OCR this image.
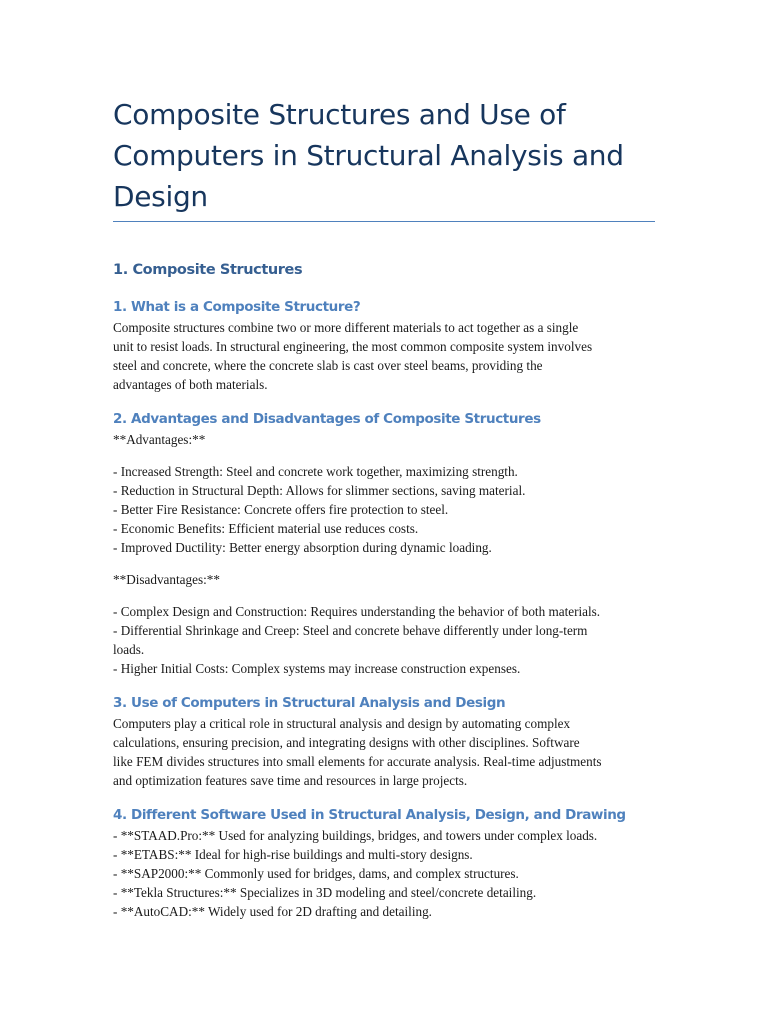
Composite Structures and Use of
Computers in Structural Analysis and
Design
1. Composite Structures
1. What is a Composite Structure?

Composite structures combine two or more different materials to act together as a single
unit to resist loads. In structural engineering, the most common composite system involves
steel and concrete, where the concrete slab is cast over steel beams, providing the
advantages of both materials.

2. Advantages and Disadvantages of Composite Structures

**Advantages:**

- Increased Strength: Steel and concrete work together, maximizing strength.
- Reduction in Structural Depth: Allows for slimmer sections, saving material.
- Better Fire Resistance: Concrete offers fire protection to steel.
- Economic Benefits: Efficient material use reduces costs.
- Improved Ductility: Better energy absorption during dynamic loading.

**Disadvantages:**

- Complex Design and Construction: Requires understanding the behavior of both materials.
- Differential Shrinkage and Creep: Steel and concrete behave differently under long-term
loads.
- Higher Initial Costs: Complex systems may increase construction expenses.
3. Use of Computers in Structural Analysis and Design

Computers play a critical role in structural analysis and design by automating complex
calculations, ensuring precision, and integrating designs with other disciplines. Software
like FEM divides structures into small elements for accurate analysis. Real-time adjustments
and optimization features save time and resources in large projects.

4. Different Software Used in Structural Analysis, Design, and Drawing
- **STAAD.Pro:** Used for analyzing buildings, bridges, and towers under complex loads.
- **ETABS:** Ideal for high-rise buildings and multi-story designs.
- **SAP2000:** Commonly used for bridges, dams, and complex structures.
- **Tekla Structures:** Specializes in 3D modeling and steel/concrete detailing.
- **AutoCAD:** Widely used for 2D drafting and detailing.
